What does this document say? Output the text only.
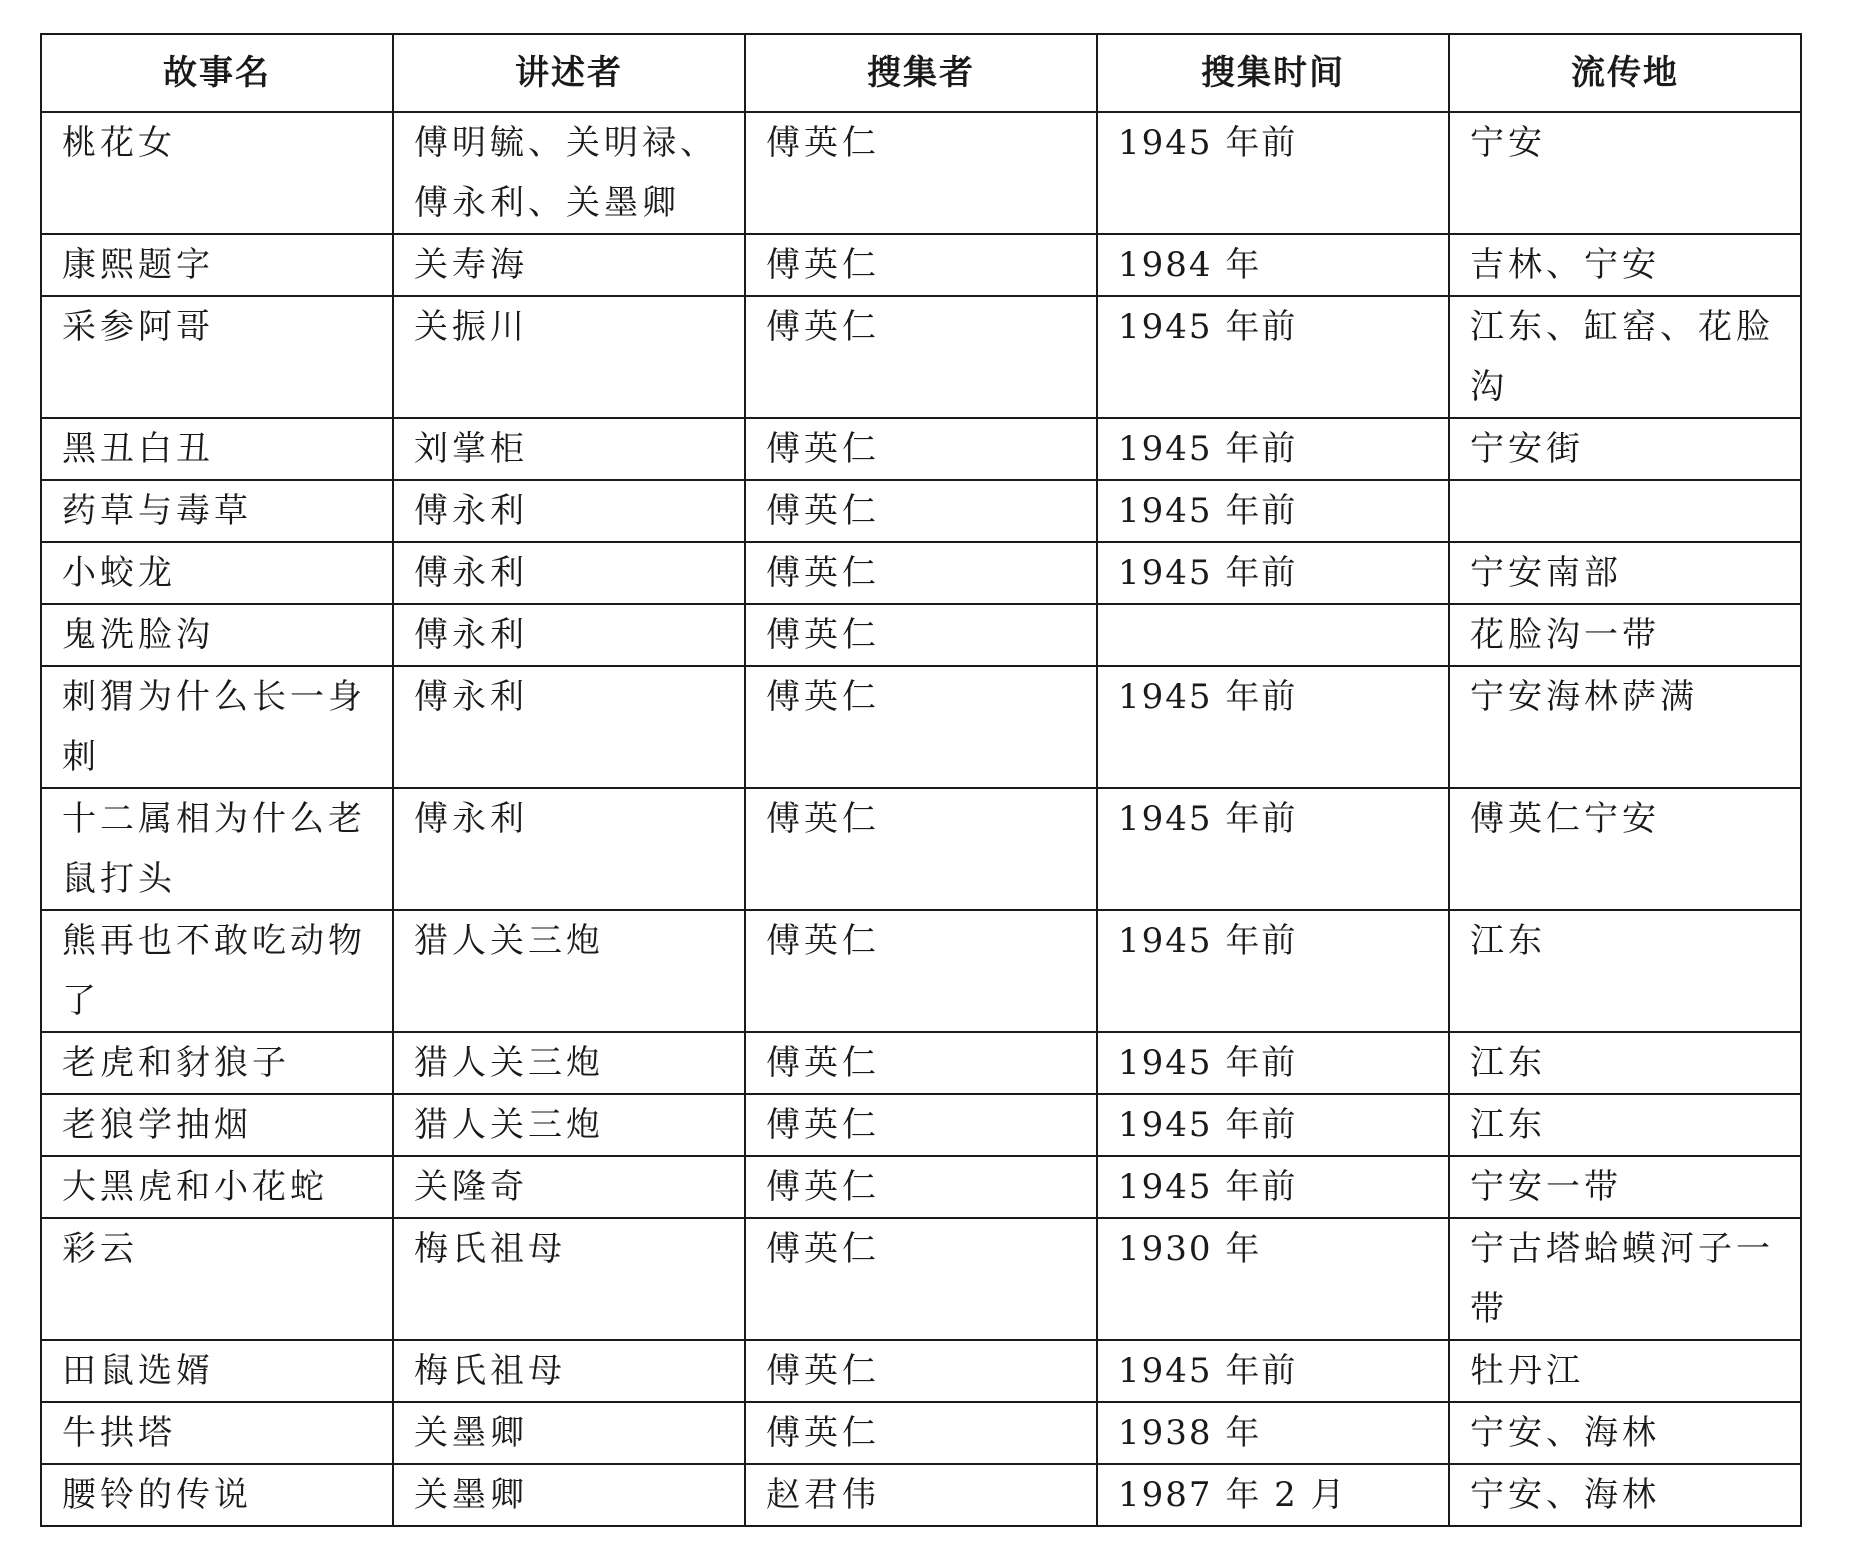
故事名	讲述者	搜集者	搜集时间	流传地
桃花女	傅明毓、关明禄、傅永利、关墨卿	傅英仁	1945 年前	宁安
康熙题字	关寿海	傅英仁	1984 年	吉林、宁安
采参阿哥	关振川	傅英仁	1945 年前	江东、缸窑、花脸沟
黑丑白丑	刘掌柜	傅英仁	1945 年前	宁安街
药草与毒草	傅永利	傅英仁	1945 年前	
小蛟龙	傅永利	傅英仁	1945 年前	宁安南部
鬼洗脸沟	傅永利	傅英仁		花脸沟一带
刺猬为什么长一身刺	傅永利	傅英仁	1945 年前	宁安海林萨满
十二属相为什么老鼠打头	傅永利	傅英仁	1945 年前	傅英仁宁安
熊再也不敢吃动物了	猎人关三炮	傅英仁	1945 年前	江东
老虎和豺狼子	猎人关三炮	傅英仁	1945 年前	江东
老狼学抽烟	猎人关三炮	傅英仁	1945 年前	江东
大黑虎和小花蛇	关隆奇	傅英仁	1945 年前	宁安一带
彩云	梅氏祖母	傅英仁	1930 年	宁古塔蛤蟆河子一带
田鼠选婿	梅氏祖母	傅英仁	1945 年前	牡丹江
牛拱塔	关墨卿	傅英仁	1938 年	宁安、海林
腰铃的传说	关墨卿	赵君伟	1987 年 2 月	宁安、海林
